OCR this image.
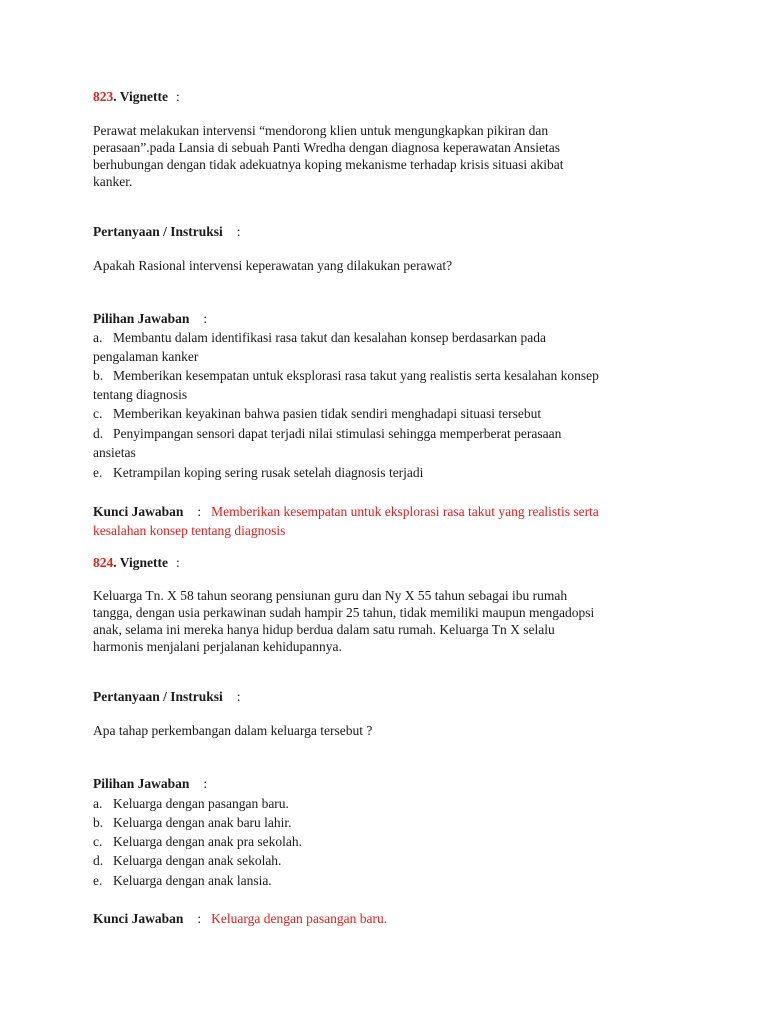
823. Vignette :
Perawat melakukan intervensi “mendorong klien untuk mengungkapkan pikiran dan
perasaan”.pada Lansia di sebuah Panti Wredha dengan diagnosa keperawatan Ansietas
berhubungan dengan tidak adekuatnya koping mekanisme terhadap krisis situasi akibat
kanker.
Pertanyaan / Instruksi :
Apakah Rasional intervensi keperawatan yang dilakukan perawat?
Pilihan Jawaban :
a. Membantu dalam identifikasi rasa takut dan kesalahan konsep berdasarkan pada
pengalaman kanker
b. Memberikan kesempatan untuk eksplorasi rasa takut yang realistis serta kesalahan konsep
tentang diagnosis
c. Memberikan keyakinan bahwa pasien tidak sendiri menghadapi situasi tersebut
d. Penyimpangan sensori dapat terjadi nilai stimulasi sehingga memperberat perasaan
ansietas
e. Ketrampilan koping sering rusak setelah diagnosis terjadi
Kunci Jawaban : Memberikan kesempatan untuk eksplorasi rasa takut yang realistis serta
kesalahan konsep tentang diagnosis
824. Vignette :
Keluarga Tn. X 58 tahun seorang pensiunan guru dan Ny X 55 tahun sebagai ibu rumah
tangga, dengan usia perkawinan sudah hampir 25 tahun, tidak memiliki maupun mengadopsi
anak, selama ini mereka hanya hidup berdua dalam satu rumah. Keluarga Tn X selalu
harmonis menjalani perjalanan kehidupannya.
Pertanyaan / Instruksi :
Apa tahap perkembangan dalam keluarga tersebut ?
Pilihan Jawaban :
a. Keluarga dengan pasangan baru.
b. Keluarga dengan anak baru lahir.
c. Keluarga dengan anak pra sekolah.
d. Keluarga dengan anak sekolah.
e. Keluarga dengan anak lansia.
Kunci Jawaban : Keluarga dengan pasangan baru.
